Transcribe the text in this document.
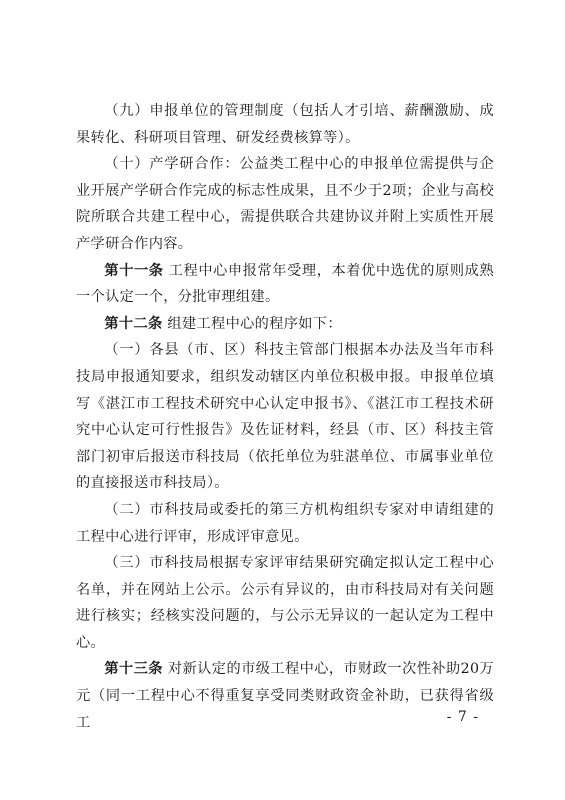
（九）申报单位的管理制度（包括人才引培、薪酬激励、成果转化、科研项目管理、研发经费核算等）。

（十）产学研合作：公益类工程中心的申报单位需提供与企业开展产学研合作完成的标志性成果，且不少于2项；企业与高校院所联合共建工程中心，需提供联合共建协议并附上实质性开展产学研合作内容。

第十一条 工程中心申报常年受理，本着优中选优的原则成熟一个认定一个，分批审理组建。

第十二条 组建工程中心的程序如下：

（一）各县（市、区）科技主管部门根据本办法及当年市科技局申报通知要求，组织发动辖区内单位积极申报。申报单位填写《湛江市工程技术研究中心认定申报书》、《湛江市工程技术研究中心认定可行性报告》及佐证材料，经县（市、区）科技主管部门初审后报送市科技局（依托单位为驻湛单位、市属事业单位的直接报送市科技局）。

（二）市科技局或委托的第三方机构组织专家对申请组建的工程中心进行评审，形成评审意见。

（三）市科技局根据专家评审结果研究确定拟认定工程中心名单，并在网站上公示。公示有异议的，由市科技局对有关问题进行核实；经核实没问题的，与公示无异议的一起认定为工程中心。

第十三条 对新认定的市级工程中心，市财政一次性补助20万元（同一工程中心不得重复享受同类财政资金补助，已获得省级工	- 7 -
